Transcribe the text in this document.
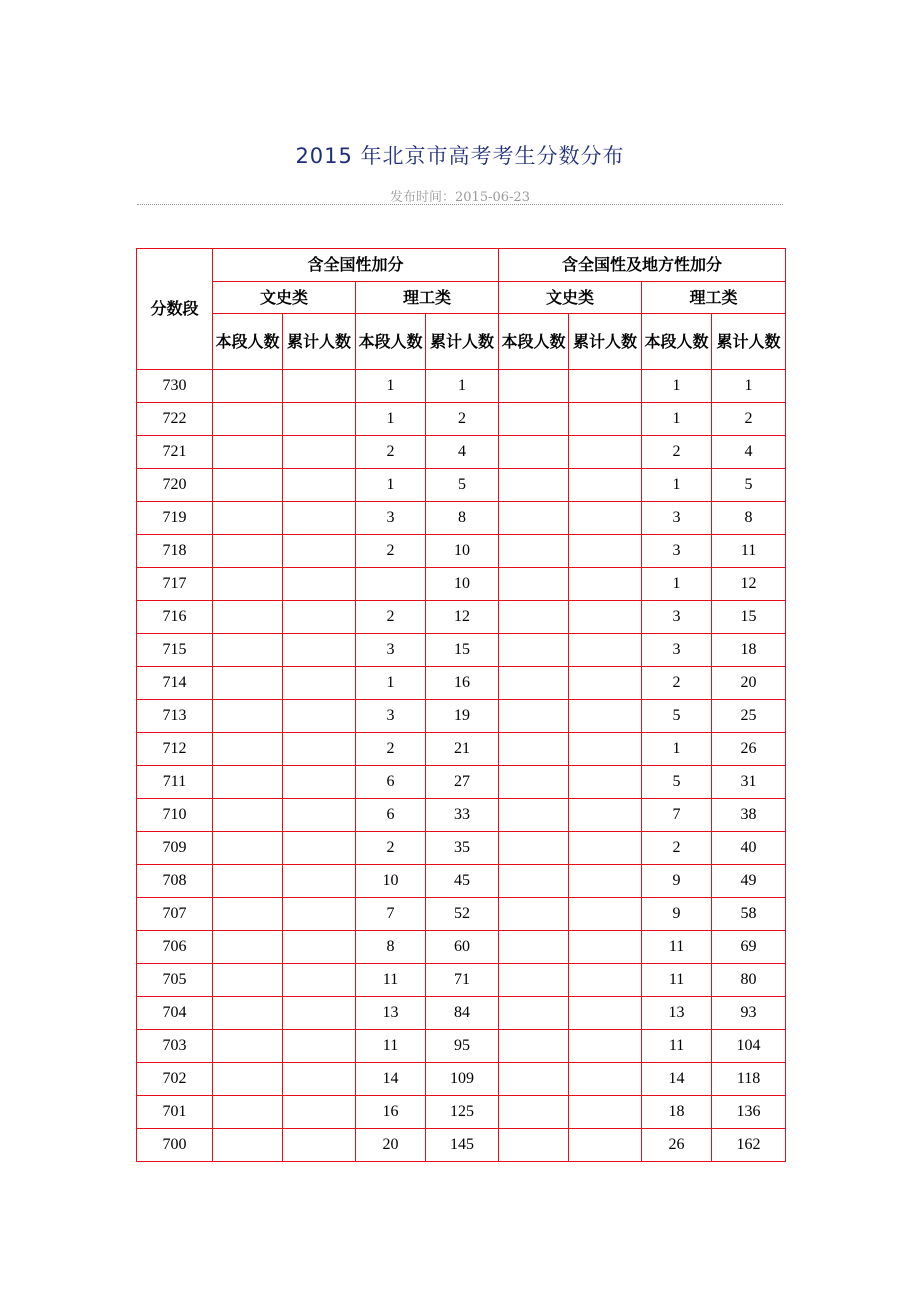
2015 年北京市高考考生分数分布
发布时间：2015-06-23
分数段	含全国性加分				含全国性及地方性加分			
	文史类		理工类		文史类		理工类	
	本段人数	累计人数	本段人数	累计人数	本段人数	累计人数	本段人数	累计人数
730			1	1			1	1
722			1	2			1	2
721			2	4			2	4
720			1	5			1	5
719			3	8			3	8
718			2	10			3	11
717				10			1	12
716			2	12			3	15
715			3	15			3	18
714			1	16			2	20
713			3	19			5	25
712			2	21			1	26
711			6	27			5	31
710			6	33			7	38
709			2	35			2	40
708			10	45			9	49
707			7	52			9	58
706			8	60			11	69
705			11	71			11	80
704			13	84			13	93
703			11	95			11	104
702			14	109			14	118
701			16	125			18	136
700			20	145			26	162
